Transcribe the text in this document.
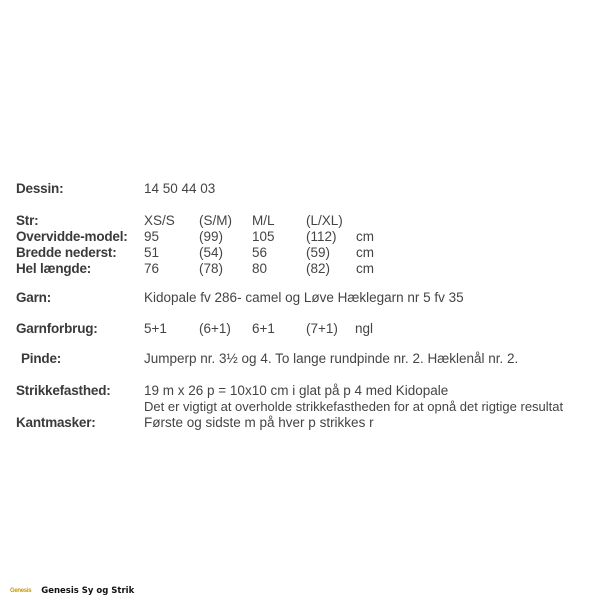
Dessin:	14 50 44 03
Str:	XS/S (S/M) M/L (L/XL)
Overvidde-model: 95	(99) 105 (112) cm
Bredde nederst: 51	(54) 56	(59) cm
Hel længde:	76	(78) 80	(82) cm
Garn:	Kidopale fv 286- camel og Løve Hæklegarn nr 5 fv 35
Garnforbrug:	5+1 (6+1) 6+1 (7+1) ngl
Pinde:	Jumperp nr. 3½ og 4. To lange rundpinde nr. 2. Hæklenål nr. 2.
Strikkefasthed: 19 m x 26 p = 10x10 cm i glat på p 4 med Kidopale
Det er vigtigt at overholde strikkefastheden for at opnå det rigtige resultat
Kantmasker:	Første og sidste m på hver p strikkes r
Genesis Genesis Sy og Strik
